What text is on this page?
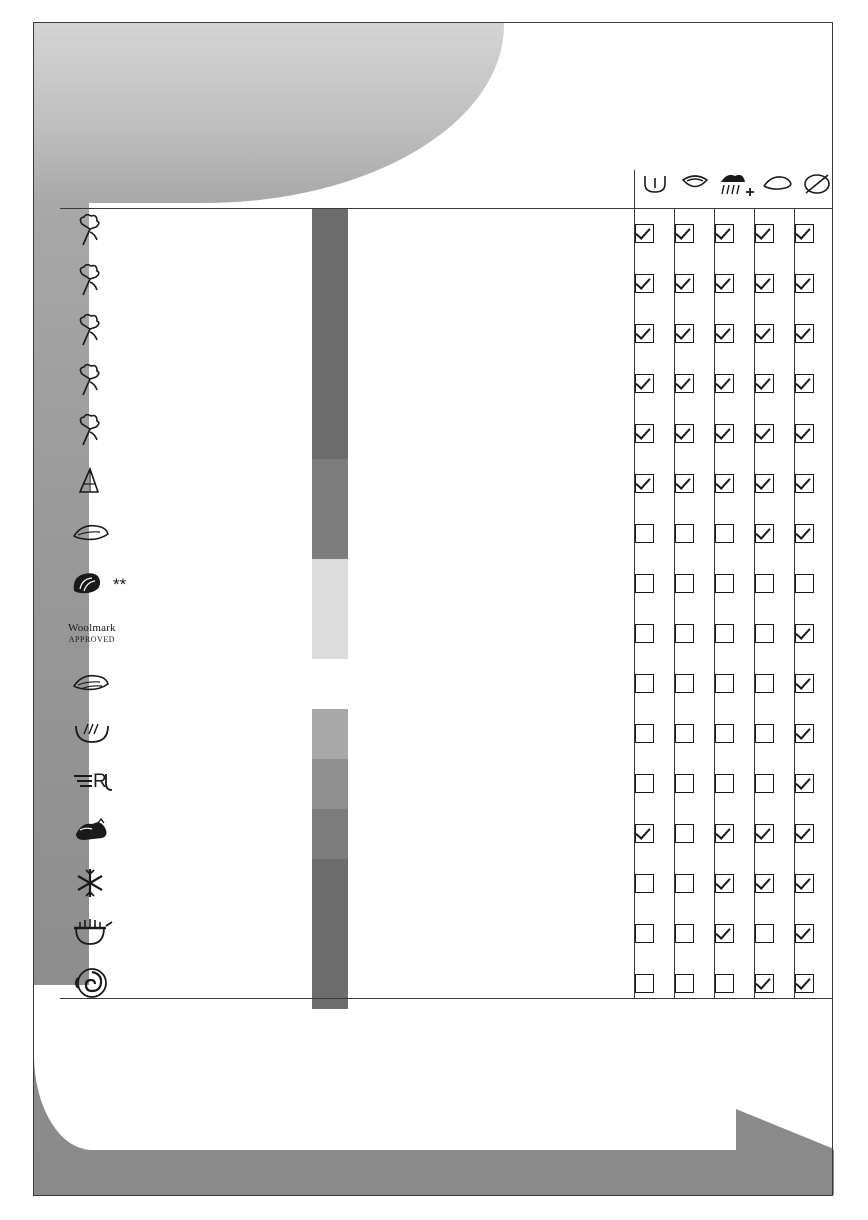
**
Woolmark
APPROVED
R
